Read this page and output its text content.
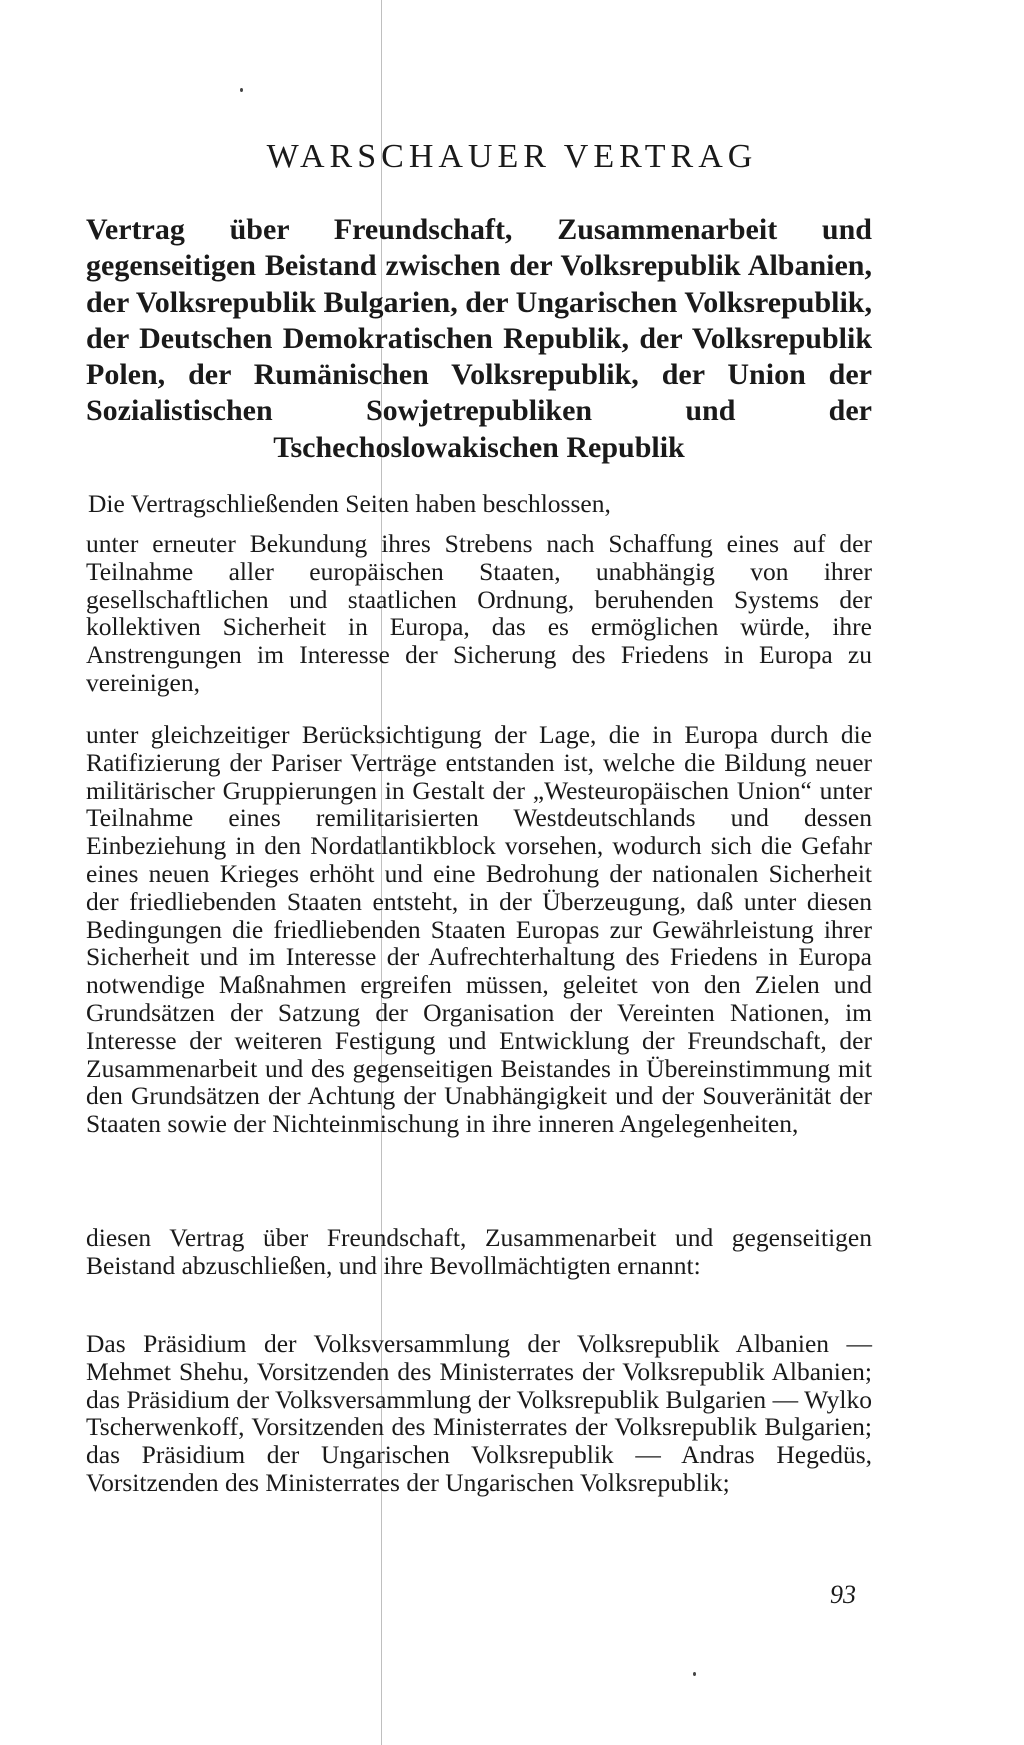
WARSCHAUER VERTRAG

Vertrag über Freundschaft, Zusammenarbeit und gegenseitigen Beistand zwischen der Volksrepublik Albanien, der Volksrepublik Bulgarien, der Ungarischen Volksrepublik, der Deutschen Demokratischen Republik, der Volksrepublik Polen, der Rumänischen Volksrepublik, der Union der Sozialistischen Sowjetrepubliken und der Tschechoslowakischen Republik

Die Vertragschließenden Seiten haben beschlossen,

unter erneuter Bekundung ihres Strebens nach Schaffung eines auf der Teilnahme aller europäischen Staaten, unabhängig von ihrer gesellschaftlichen und staatlichen Ordnung, beruhenden Systems der kollektiven Sicherheit in Europa, das es ermöglichen würde, ihre Anstrengungen im Interesse der Sicherung des Friedens in Europa zu vereinigen,

unter gleichzeitiger Berücksichtigung der Lage, die in Europa durch die Ratifizierung der Pariser Verträge entstanden ist, welche die Bildung neuer militärischer Gruppierungen in Gestalt der „Westeuropäischen Union“ unter Teilnahme eines remilitarisierten Westdeutschlands und dessen Einbeziehung in den Nordatlantikblock vorsehen, wodurch sich die Gefahr eines neuen Krieges erhöht und eine Bedrohung der nationalen Sicherheit der friedliebenden Staaten entsteht, in der Überzeugung, daß unter diesen Bedingungen die friedliebenden Staaten Europas zur Gewährleistung ihrer Sicherheit und im Interesse der Aufrechterhaltung des Friedens in Europa notwendige Maßnahmen ergreifen müssen, geleitet von den Zielen und Grundsätzen der Satzung der Organisation der Vereinten Nationen, im Interesse der weiteren Festigung und Entwicklung der Freundschaft, der Zusammenarbeit und des gegenseitigen Beistandes in Übereinstimmung mit den Grundsätzen der Achtung der Unabhängigkeit und der Souveränität der Staaten sowie der Nichteinmischung in ihre inneren Angelegenheiten,

diesen Vertrag über Freundschaft, Zusammenarbeit und gegenseitigen Beistand abzuschließen, und ihre Bevollmächtigten ernannt:

Das Präsidium der Volksversammlung der Volksrepublik Albanien — Mehmet Shehu, Vorsitzenden des Ministerrates der Volksrepublik Albanien; das Präsidium der Volksversammlung der Volksrepublik Bulgarien — Wylko Tscherwenkoff, Vorsitzenden des Ministerrates der Volksrepublik Bulgarien; das Präsidium der Ungarischen Volksrepublik — Andras Hegedüs, Vorsitzenden des Ministerrates der Ungarischen Volksrepublik;

93
